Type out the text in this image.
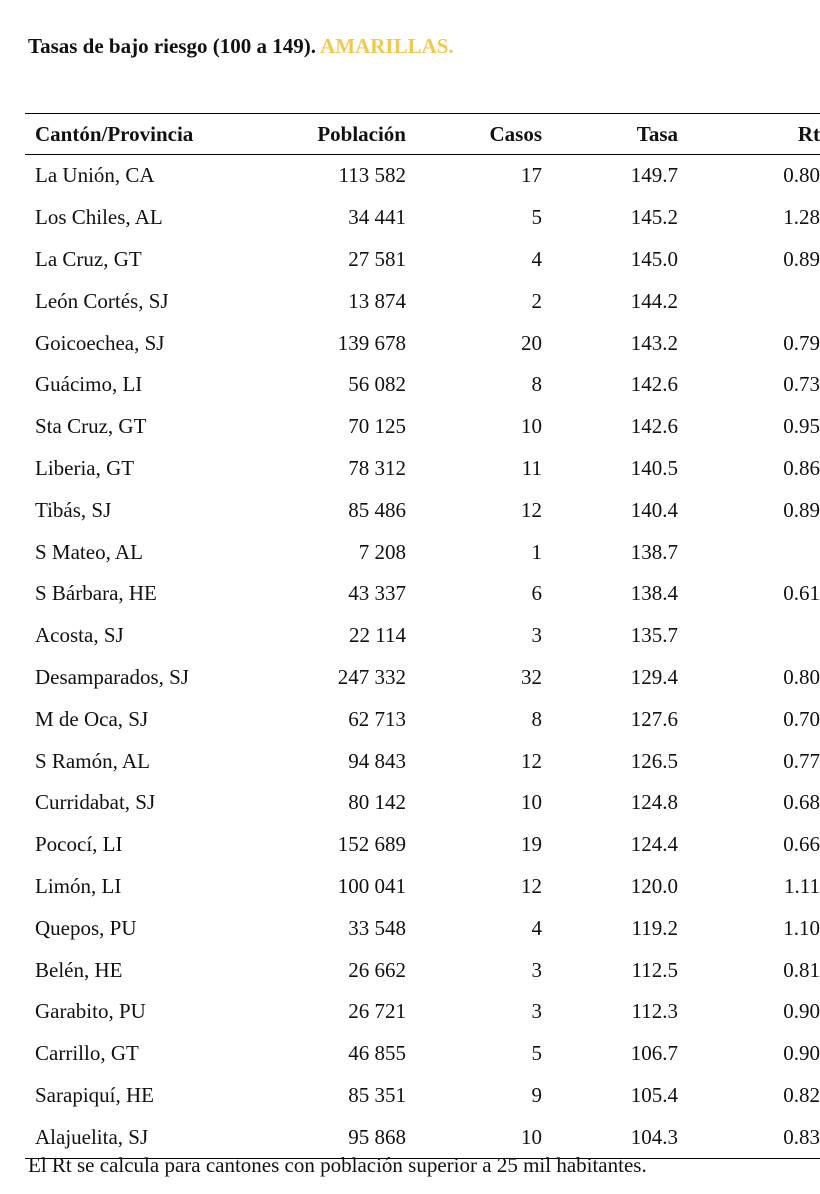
Tasas de bajo riesgo (100 a 149). AMARILLAS.
Cantón/Provincia	Población	Casos	Tasa	Rt
La Unión, CA	113 582	17	149.7	0.80
Los Chiles, AL	34 441	5	145.2	1.28
La Cruz, GT	27 581	4	145.0	0.89
León Cortés, SJ	13 874	2	144.2	
Goicoechea, SJ	139 678	20	143.2	0.79
Guácimo, LI	56 082	8	142.6	0.73
Sta Cruz, GT	70 125	10	142.6	0.95
Liberia, GT	78 312	11	140.5	0.86
Tibás, SJ	85 486	12	140.4	0.89
S Mateo, AL	7 208	1	138.7	
S Bárbara, HE	43 337	6	138.4	0.61
Acosta, SJ	22 114	3	135.7	
Desamparados, SJ	247 332	32	129.4	0.80
M de Oca, SJ	62 713	8	127.6	0.70
S Ramón, AL	94 843	12	126.5	0.77
Curridabat, SJ	80 142	10	124.8	0.68
Pococí, LI	152 689	19	124.4	0.66
Limón, LI	100 041	12	120.0	1.11
Quepos, PU	33 548	4	119.2	1.10
Belén, HE	26 662	3	112.5	0.81
Garabito, PU	26 721	3	112.3	0.90
Carrillo, GT	46 855	5	106.7	0.90
Sarapiquí, HE	85 351	9	105.4	0.82
Alajuelita, SJ	95 868	10	104.3	0.83
El Rt se calcula para cantones con población superior a 25 mil habitantes.
